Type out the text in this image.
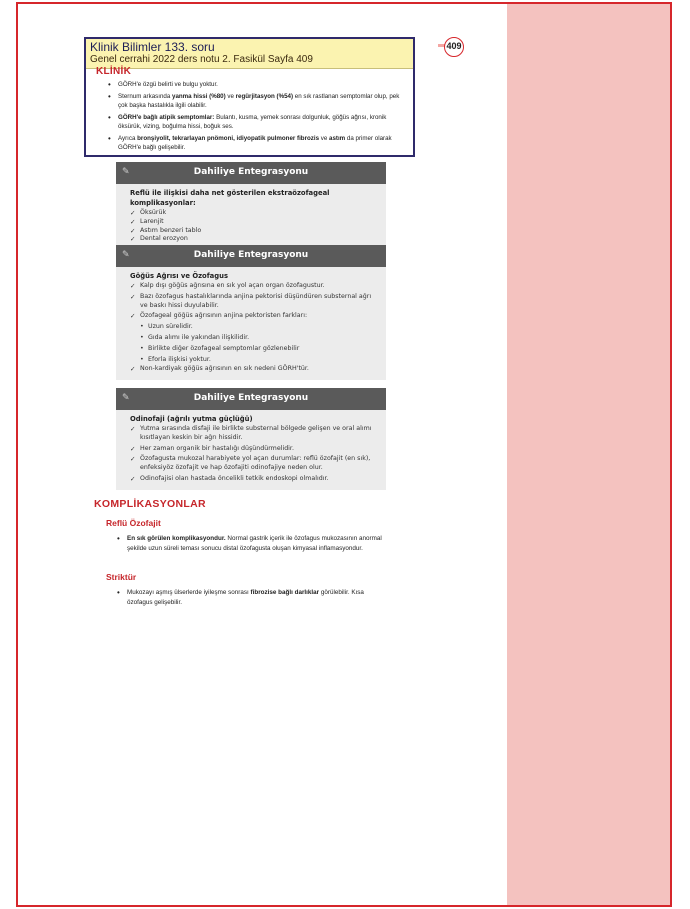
409
Klinik Bilimler 133. soru
Genel cerrahi 2022 ders notu 2. Fasikül Sayfa 409
KLİNİK
• GÖRH'e özgü belirti ve bulgu yoktur.
• Sternum arkasında yanma hissi (%80) ve regürjitasyon (%54) en sık rastlanan semptomlar olup, pek çok başka hastalıkla ilgili olabilir.
• GÖRH'e bağlı atipik semptomlar: Bulantı, kusma, yemek sonrası dolgunluk, göğüs ağrısı, kronik öksürük, vizing, boğulma hissi, boğuk ses.
• Ayrıca bronşiyolit, tekrarlayan pnömoni, idiyopatik pulmoner fibrozis ve astım da primer olarak GÖRH'e bağlı gelişebilir.
✎	Dahiliye Entegrasyonu
Reflü ile ilişkisi daha net gösterilen ekstraözofageal komplikasyonlar:
✓ Öksürük
✓ Larenjit
✓ Astım benzeri tablo
✓ Dental erozyon
✎	Dahiliye Entegrasyonu
Göğüs Ağrısı ve Özofagus
✓ Kalp dışı göğüs ağrısına en sık yol açan organ özofagustur.
✓ Bazı özofagus hastalıklarında anjina pektorisi düşündüren substernal ağrı ve baskı hissi duyulabilir.
✓ Özofageal göğüs ağrısının anjina pektoristen farkları:
• Uzun sürelidir.
• Gıda alımı ile yakından ilişkilidir.
• Birlikte diğer özofageal semptomlar gözlenebilir
• Eforla ilişkisi yoktur.
✓ Non-kardiyak göğüs ağrısının en sık nedeni GÖRH'tür.
✎	Dahiliye Entegrasyonu
Odinofaji (ağrılı yutma güçlüğü)
✓ Yutma sırasında disfaji ile birlikte substernal bölgede gelişen ve oral alımı kısıtlayan keskin bir ağrı hissidir.
✓ Her zaman organik bir hastalığı düşündürmelidir.
✓ Özofagusta mukozal harabiyete yol açan durumlar: reflü özofajit (en sık), enfeksiyöz özofajit ve hap özofajiti odinofajiye neden olur.
✓ Odinofajisi olan hastada öncelikli tetkik endoskopi olmalıdır.
KOMPLİKASYONLAR
Reflü Özofajit
• En sık görülen komplikasyondur. Normal gastrik içerik ile özofagus mukozasının anormal şekilde uzun süreli teması sonucu distal özofagusta oluşan kimyasal inflamasyondur.
Striktür
• Mukozayı aşmış ülserlerde iyileşme sonrası fibrozise bağlı darlıklar görülebilir. Kısa özofagus gelişebilir.
